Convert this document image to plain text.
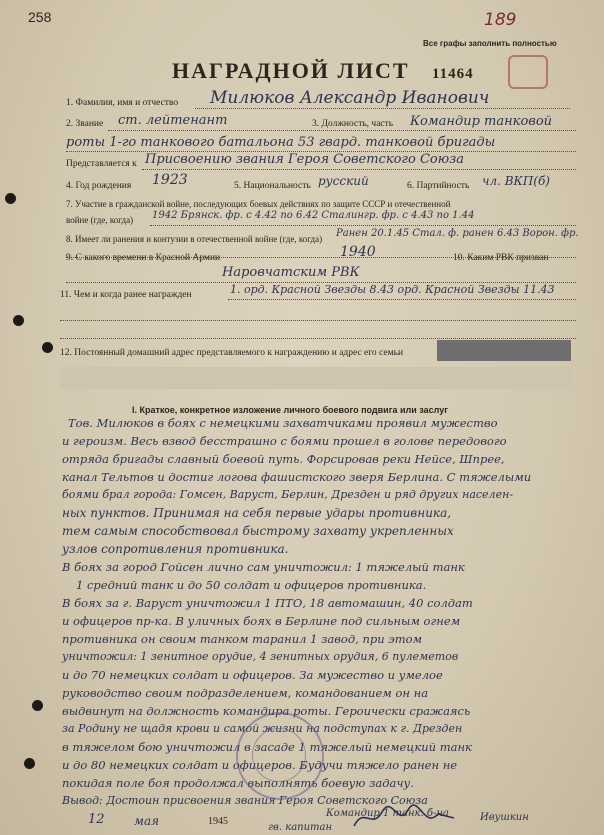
258	189
Все графы заполнить полностью
НАГРАДНОЙ ЛИСТ 11464
1. Фамилия, имя и отчество Милюков Александр Иванович
2. Звание ст. лейтенант	3. Должность, часть Командир танковой
роты 1-го танкового батальона 53 гвард. танковой бригады
Представляется к Присвоению звания Героя Советского Союза
4. Год рождения 1923	5. Национальность русский	6. Партийность чл. ВКП(б)
7. Участие в гражданской войне, последующих боевых действиях по защите СССР и отечественной
войне (где, когда) 1942 Брянск. фр. с 4.42 по 6.42 Сталингр. фр. с 4.43 по 1.44
8. Имеет ли ранения и контузии в отечественной войне (где, когда) Ранен 20.1.45 Стал. ф. ранен 6.43 Ворон. фр.
9. С какого времени в Красной Армии	1940	10. Каким РВК призван
Наровчатским РВК
11. Чем и когда ранее награжден	1. орд. Красной Звезды 8.43 орд. Красной Звезды 11.43
12. Постоянный домашний адрес представляемого к награждению и адрес его семьи
I. Краткое, конкретное изложение личного боевого подвига или заслуг
Тов. Милюков в боях с немецкими захватчиками проявил мужество
и героизм. Весь взвод бесстрашно с боями прошел в голове передового
отряда бригады славный боевой путь. Форсировав реки Нейсе, Шпрее,
канал Тельтов и достиг логова фашистского зверя Берлина. С тяжелыми
боями брал города: Гомсен, Варуст, Берлин, Дрезден и ряд других населен-
ных пунктов. Принимая на себя первые удары противника,
тем самым способствовал быстрому захвату укрепленных
узлов сопротивления противника.
В боях за город Гойсен лично сам уничтожил: 1 тяжелый танк
1 средний танк и до 50 солдат и офицеров противника.
В боях за г. Варуст уничтожил 1 ПТО, 18 автомашин, 40 солдат
и офицеров пр-ка. В уличных боях в Берлине под сильным огнем
противника он своим танком таранил 1 завод, при этом
уничтожил: 1 зенитное орудие, 4 зенитных орудия, 6 пулеметов
и до 70 немецких солдат и офицеров. За мужество и умелое
руководство своим подразделением, командованием он на
выдвинут на должность командира роты. Героически сражаясь
за Родину не щадя крови и самой жизни на подступах к г. Дрезден
в тяжелом бою уничтожил в засаде 1 тяжелый немецкий танк
и до 80 немецких солдат и офицеров. Будучи тяжело ранен не
покидая поле боя продолжал выполнять боевую задачу.
Вывод: Достоин присвоения звания Героя Советского Союза
12 мая	1945
Командир 1 танк. б-на	Ивушкин
гв. капитан
